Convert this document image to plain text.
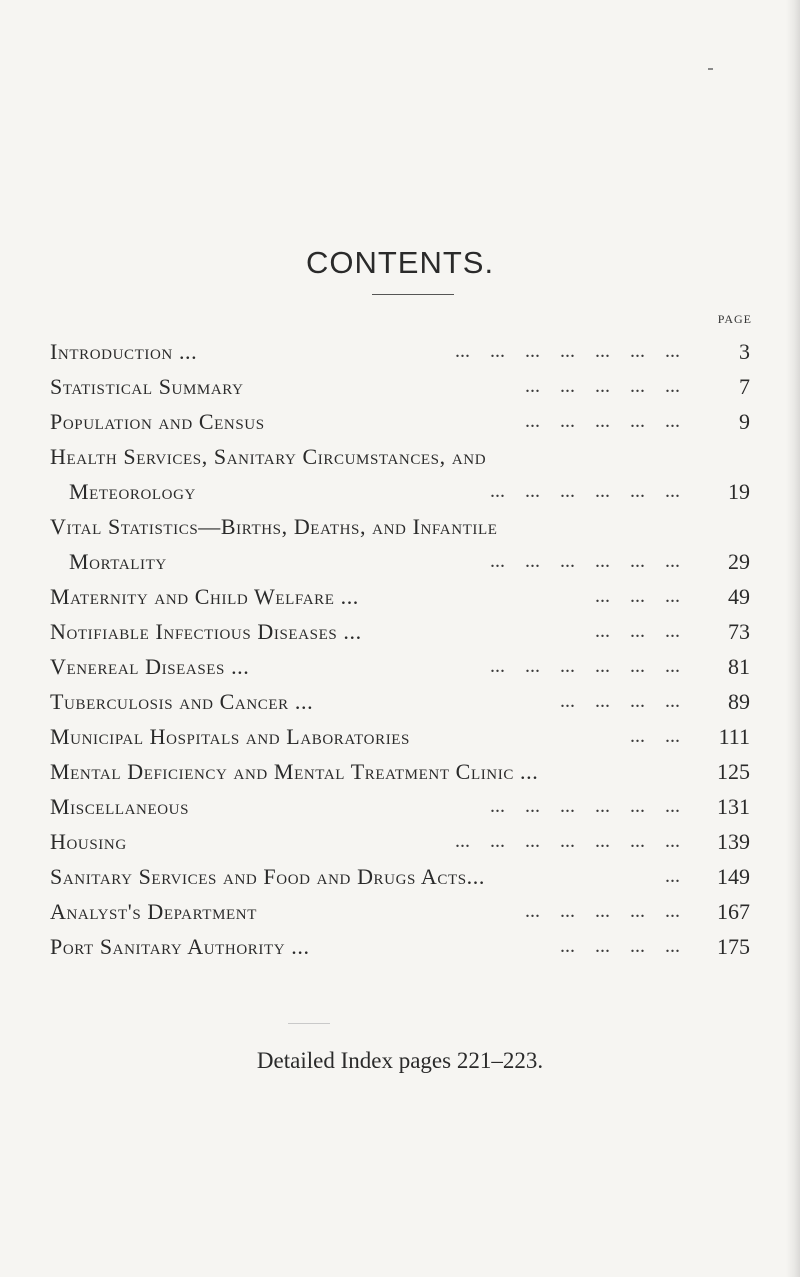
CONTENTS.
PAGE
Introduction ...	...    ...    ...    ...    ...    ...    ...	3
Statistical Summary	...    ...    ...    ...    ...	7
Population and Census	...    ...    ...    ...    ...	9
Health Services, Sanitary Circumstances, and
Meteorology	...    ...    ...    ...    ...    ...	19
Vital Statistics—Births, Deaths, and Infantile
Mortality	...    ...    ...    ...    ...    ...	29
Maternity and Child Welfare ...	...    ...    ...	49
Notifiable Infectious Diseases ...	...    ...    ...	73
Venereal Diseases ...	...    ...    ...    ...    ...    ...	81
Tuberculosis and Cancer ...	...    ...    ...    ...	89
Municipal Hospitals and Laboratories	...    ...	111
Mental Deficiency and Mental Treatment Clinic ...	125
Miscellaneous	...    ...    ...    ...    ...    ...	131
Housing	...    ...    ...    ...    ...    ...    ...	139
Sanitary Services and Food and Drugs Acts...	...	149
Analyst's Department	...    ...    ...    ...    ...	167
Port Sanitary Authority ...	...    ...    ...    ...	175
Detailed Index pages 221–223.
